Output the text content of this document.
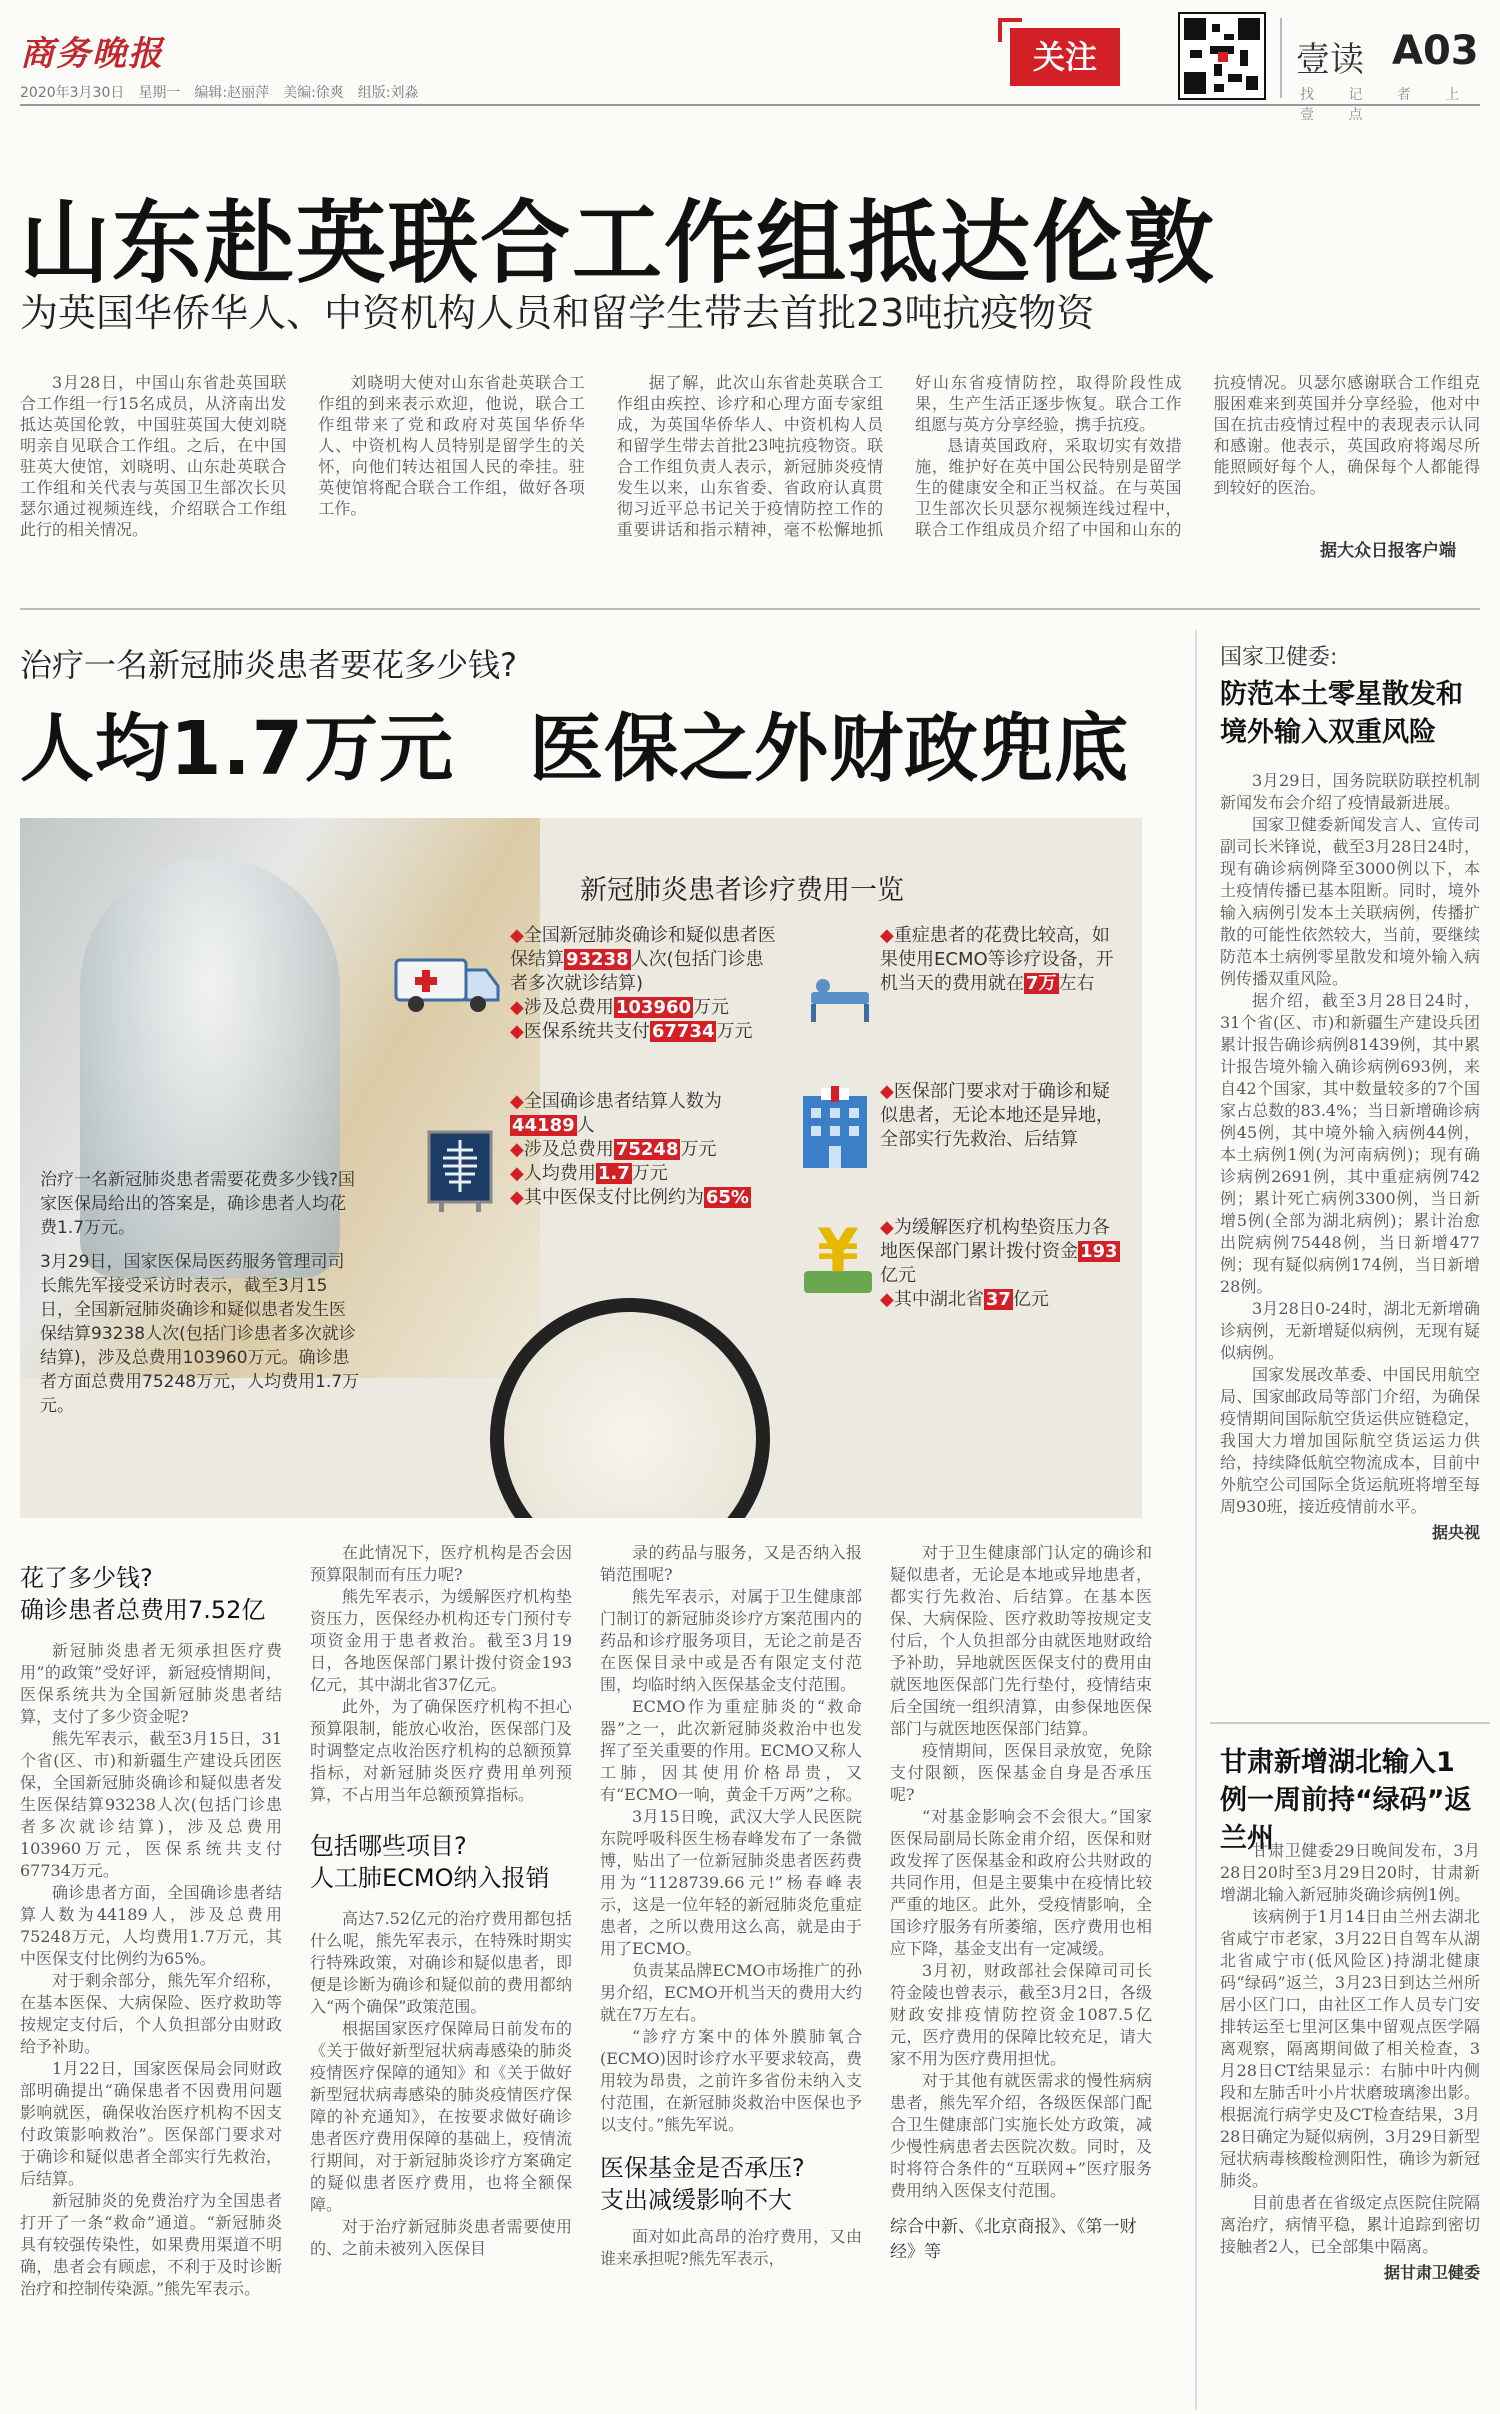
商务晚报
2020年3月30日　星期一　编辑:赵丽萍　美编:徐爽　组版:刘淼
关注	壹读 A03
找 记 者 上 壹 点
山东赴英联合工作组抵达伦敦
为英国华侨华人、中资机构人员和留学生带去首批23吨抗疫物资

3月28日，中国山东省赴英国联合工作组一行15名成员，从济南出发抵达英国伦敦，中国驻英国大使刘晓明亲自见联合工作组。之后，在中国驻英大使馆，刘晓明、山东赴英联合工作组和关代表与英国卫生部次长贝瑟尔通过视频连线，介绍联合工作组此行的相关情况。

刘晓明大使对山东省赴英联合工作组的到来表示欢迎，他说，联合工作组带来了党和政府对英国华侨华人、中资机构人员特别是留学生的关怀，向他们转达祖国人民的牵挂。驻英使馆将配合联合工作组，做好各项工作。

据了解，此次山东省赴英联合工作组由疾控、诊疗和心理方面专家组成，为英国华侨华人、中资机构人员和留学生带去首批23吨抗疫物资。联合工作组负责人表示，新冠肺炎疫情发生以来，山东省委、省政府认真贯彻习近平总书记关于疫情防控工作的重要讲话和指示精神，毫不松懈地抓好山东省疫情防控，取得阶段性成果，生产生活正逐步恢复。联合工作组愿与英方分享经验，携手抗疫。

恳请英国政府，采取切实有效措施，维护好在英中国公民特别是留学生的健康安全和正当权益。在与英国卫生部次长贝瑟尔视频连线过程中，联合工作组成员介绍了中国和山东的抗疫情况。贝瑟尔感谢联合工作组克服困难来到英国并分享经验，他对中国在抗击疫情过程中的表现表示认同和感谢。他表示，英国政府将竭尽所能照顾好每个人，确保每个人都能得到较好的医治。

据大众日报客户端
治疗一名新冠肺炎患者要花多少钱?
人均1.7万元　医保之外财政兜底
新冠肺炎患者诊疗费用一览
¥
◆全国新冠肺炎确诊和疑似患者医保结算 93238 人次(包括门诊患者多次就诊结算)
◆涉及总费用 103960 万元
◆医保系统共支付 67734 万元
◆重症患者的花费比较高，如果使用ECMO等诊疗设备，开机当天的费用就在 7万 左右
◆全国确诊患者结算人数为44189 人
◆涉及总费用 75248 万元
◆人均费用 1.7 万元
◆其中医保支付比例约为 65%
◆医保部门要求对于确诊和疑似患者，无论本地还是异地，全部实行先救治、后结算
◆为缓解医疗机构垫资压力各地医保部门累计拨付资金 193亿元
◆其中湖北省 37 亿元

治疗一名新冠肺炎患者需要花费多少钱?国家医保局给出的答案是，确诊患者人均花费1.7万元。

3月29日，国家医保局医药服务管理司司长熊先军接受采访时表示，截至3月15日，全国新冠肺炎确诊和疑似患者发生医保结算93238人次(包括门诊患者多次就诊结算)，涉及总费用103960万元。确诊患者方面总费用75248万元，人均费用1.7万元。

花了多少钱?
确诊患者总费用7.52亿

新冠肺炎患者无须承担医疗费用”的政策”受好评，新冠疫情期间，医保系统共为全国新冠肺炎患者结算，支付了多少资金呢?

熊先军表示，截至3月15日，31个省(区、市)和新疆生产建设兵团医保，全国新冠肺炎确诊和疑似患者发生医保结算93238人次(包括门诊患者多次就诊结算)，涉及总费用103960万元，医保系统共支付67734万元。

确诊患者方面，全国确诊患者结算人数为44189人，涉及总费用75248万元，人均费用1.7万元，其中医保支付比例约为65%。

对于剩余部分，熊先军介绍称，在基本医保、大病保险、医疗救助等按规定支付后，个人负担部分由财政给予补助。

1月22日，国家医保局会同财政部明确提出“确保患者不因费用问题影响就医，确保收治医疗机构不因支付政策影响救治”。医保部门要求对于确诊和疑似患者全部实行先救治，后结算。

新冠肺炎的免费治疗为全国患者打开了一条“救命”通道。“新冠肺炎具有较强传染性，如果费用渠道不明确，患者会有顾虑，不利于及时诊断治疗和控制传染源。”熊先军表示。

在此情况下，医疗机构是否会因预算限制而有压力呢?

熊先军表示，为缓解医疗机构垫资压力，医保经办机构还专门预付专项资金用于患者救治。截至3月19日，各地医保部门累计拨付资金193亿元，其中湖北省37亿元。

此外，为了确保医疗机构不担心预算限制，能放心收治，医保部门及时调整定点收治医疗机构的总额预算指标，对新冠肺炎医疗费用单列预算，不占用当年总额预算指标。

包括哪些项目?
人工肺ECMO纳入报销

高达7.52亿元的治疗费用都包括什么呢，熊先军表示，在特殊时期实行特殊政策，对确诊和疑似患者，即便是诊断为确诊和疑似前的费用都纳入“两个确保”政策范围。

根据国家医疗保障局日前发布的《关于做好新型冠状病毒感染的肺炎疫情医疗保障的通知》和《关于做好新型冠状病毒感染的肺炎疫情医疗保障的补充通知》，在按要求做好确诊患者医疗费用保障的基础上，疫情流行期间，对于新冠肺炎诊疗方案确定的疑似患者医疗费用，也将全额保障。

对于治疗新冠肺炎患者需要使用的、之前未被列入医保目

录的药品与服务，又是否纳入报销范围呢?

熊先军表示，对属于卫生健康部门制订的新冠肺炎诊疗方案范围内的药品和诊疗服务项目，无论之前是否在医保目录中或是否有限定支付范围，均临时纳入医保基金支付范围。

ECMO作为重症肺炎的“救命器”之一，此次新冠肺炎救治中也发挥了至关重要的作用。ECMO又称人工肺，因其使用价格昂贵，又有“ECMO一响，黄金千万两”之称。

3月15日晚，武汉大学人民医院东院呼吸科医生杨春峰发布了一条微博，贴出了一位新冠肺炎患者医药费用为“1128739.66元!”杨春峰表示，这是一位年轻的新冠肺炎危重症患者，之所以费用这么高，就是由于用了ECMO。

负责某品牌ECMO市场推广的孙男介绍，ECMO开机当天的费用大约就在7万左右。

“診疗方案中的体外膜肺氧合(ECMO)因时诊疗水平要求较高，费用较为昂贵，之前许多省份未纳入支付范围，在新冠肺炎救治中医保也予以支付。”熊先军说。

医保基金是否承压?
支出减缓影响不大

面对如此高昂的治疗费用，又由谁来承担呢?熊先军表示，

对于卫生健康部门认定的确诊和疑似患者，无论是本地或异地患者，都实行先救治、后结算。在基本医保、大病保险、医疗救助等按规定支付后，个人负担部分由就医地财政给予补助，异地就医医保支付的费用由就医地医保部门先行垫付，疫情结束后全国统一组织清算，由参保地医保部门与就医地医保部门结算。

疫情期间，医保目录放宽，免除支付限额，医保基金自身是否承压呢?

“对基金影响会不会很大。”国家医保局副局长陈金甫介绍，医保和财政发挥了医保基金和政府公共财政的共同作用，但是主要集中在疫情比较严重的地区。此外，受疫情影响，全国诊疗服务有所萎缩，医疗费用也相应下降，基金支出有一定减缓。

3月初，财政部社会保障司司长符金陵也曾表示，截至3月2日，各级财政安排疫情防控资金1087.5亿元，医疗费用的保障比较充足，请大家不用为医疗费用担忧。

对于其他有就医需求的慢性病病患者，熊先军介绍，各级医保部门配合卫生健康部门实施长处方政策，减少慢性病患者去医院次数。同时，及时将符合条件的“互联网+”医疗服务费用纳入医保支付范围。

综合中新、《北京商报》、《第一财经》等
国家卫健委:
防范本土零星散发和境外输入双重风险

3月29日，国务院联防联控机制新闻发布会介绍了疫情最新进展。

国家卫健委新闻发言人、宣传司副司长米锋说，截至3月28日24时，现有确诊病例降至3000例以下，本土疫情传播已基本阻断。同时，境外输入病例引发本土关联病例，传播扩散的可能性依然较大，当前，要继续防范本土病例零星散发和境外输入病例传播双重风险。

据介绍，截至3月28日24时，31个省(区、市)和新疆生产建设兵团累计报告确诊病例81439例，其中累计报告境外输入确诊病例693例，来自42个国家，其中数量较多的7个国家占总数的83.4%；当日新增确诊病例45例，其中境外输入病例44例，本土病例1例(为河南病例)；现有确诊病例2691例，其中重症病例742例；累计死亡病例3300例，当日新增5例(全部为湖北病例)；累计治愈出院病例75448例，当日新增477例；现有疑似病例174例，当日新增28例。

3月28日0-24时，湖北无新增确诊病例，无新增疑似病例，无现有疑似病例。

国家发展改革委、中国民用航空局、国家邮政局等部门介绍，为确保疫情期间国际航空货运供应链稳定，我国大力增加国际航空货运运力供给，持续降低航空物流成本，目前中外航空公司国际全货运航班将增至每周930班，接近疫情前水平。

据央视
甘肃新增湖北输入1例一周前持“绿码”返兰州

甘肃卫健委29日晚间发布，3月28日20时至3月29日20时，甘肃新增湖北输入新冠肺炎确诊病例1例。

该病例于1月14日由兰州去湖北省咸宁市老家，3月22日自驾车从湖北省咸宁市(低风险区)持湖北健康码“绿码”返兰，3月23日到达兰州所居小区门口，由社区工作人员专门安排转运至七里河区集中留观点医学隔离观察，隔离期间做了相关检查，3月28日CT结果显示：右肺中叶内侧段和左肺舌叶小片状磨玻璃渗出影。根据流行病学史及CT检查结果，3月28日确定为疑似病例，3月29日新型冠状病毒核酸检测阳性，确诊为新冠肺炎。

目前患者在省级定点医院住院隔离治疗，病情平稳，累计追踪到密切接触者2人，已全部集中隔离。

据甘肃卫健委
